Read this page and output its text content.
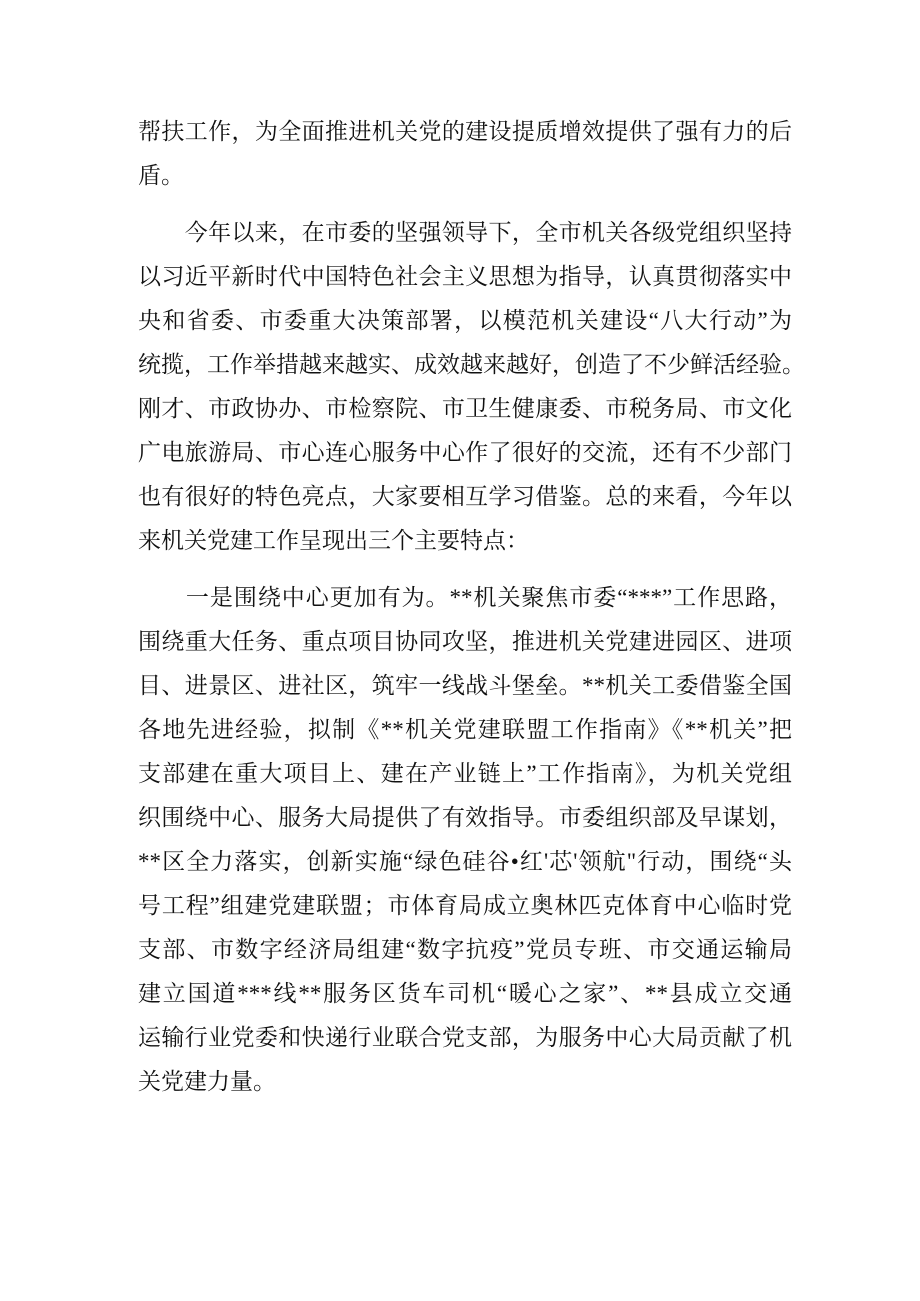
帮扶工作，为全面推进机关党的建设提质增效提供了强有力的后
盾。
　　今年以来，在市委的坚强领导下，全市机关各级党组织坚持
以习近平新时代中国特色社会主义思想为指导，认真贯彻落实中
央和省委、市委重大决策部署，以模范机关建设“八大行动”为
统揽，工作举措越来越实、成效越来越好，创造了不少鲜活经验。
刚才、市政协办、市检察院、市卫生健康委、市税务局、市文化
广电旅游局、市心连心服务中心作了很好的交流，还有不少部门
也有很好的特色亮点，大家要相互学习借鉴。总的来看，今年以
来机关党建工作呈现出三个主要特点：
　　一是围绕中心更加有为。**机关聚焦市委“***”工作思路，
围绕重大任务、重点项目协同攻坚，推进机关党建进园区、进项
目、进景区、进社区，筑牢一线战斗堡垒。**机关工委借鉴全国
各地先进经验，拟制《**机关党建联盟工作指南》《**机关”把
支部建在重大项目上、建在产业链上”工作指南》，为机关党组
织围绕中心、服务大局提供了有效指导。市委组织部及早谋划，
**区全力落实，创新实施“绿色硅谷•红'芯'领航"行动，围绕“头
号工程”组建党建联盟；市体育局成立奥林匹克体育中心临时党
支部、市数字经济局组建“数字抗疫”党员专班、市交通运输局
建立国道***线**服务区货车司机“暖心之家”、**县成立交通
运输行业党委和快递行业联合党支部，为服务中心大局贡献了机
关党建力量。
